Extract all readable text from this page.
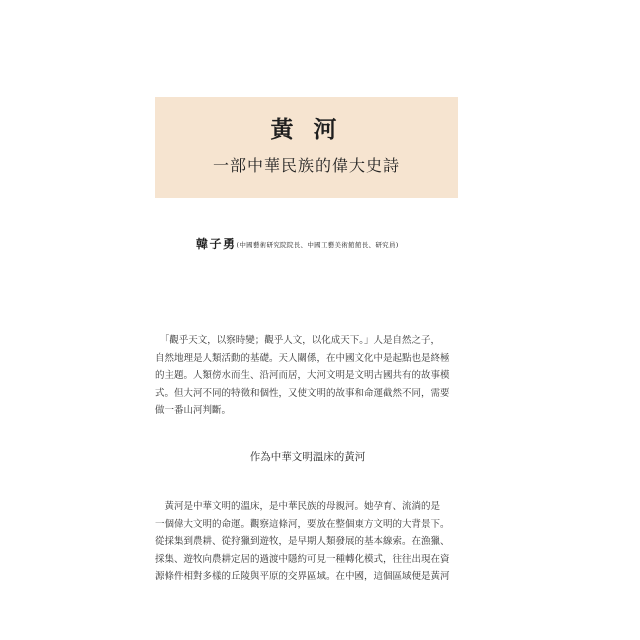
黃 河
一部中華民族的偉大史詩
韓子勇(中國藝術研究院院長、中國工藝美術館館長、研究員)

　「觀乎天文，以察時變；觀乎人文，以化成天下。」人是自然之子，
自然地理是人類活動的基礎。天人關係，在中國文化中是起點也是終極
的主題。人類傍水而生、沿河而居，大河文明是文明古國共有的故事模
式。但大河不同的特徵和個性，又使文明的故事和命運截然不同，需要
做一番山河判斷。

作為中華文明溫床的黃河

　黃河是中華文明的溫床，是中華民族的母親河。她孕育、流淌的是
一個偉大文明的命運。觀察這條河，要放在整個東方文明的大背景下。
從採集到農耕、從狩獵到遊牧，是早期人類發展的基本線索。在漁獵、
採集、遊牧向農耕定居的過渡中隱約可見一種轉化模式，往往出現在資
源條件相對多樣的丘陵與平原的交界區域。在中國，這個區域便是黃河
